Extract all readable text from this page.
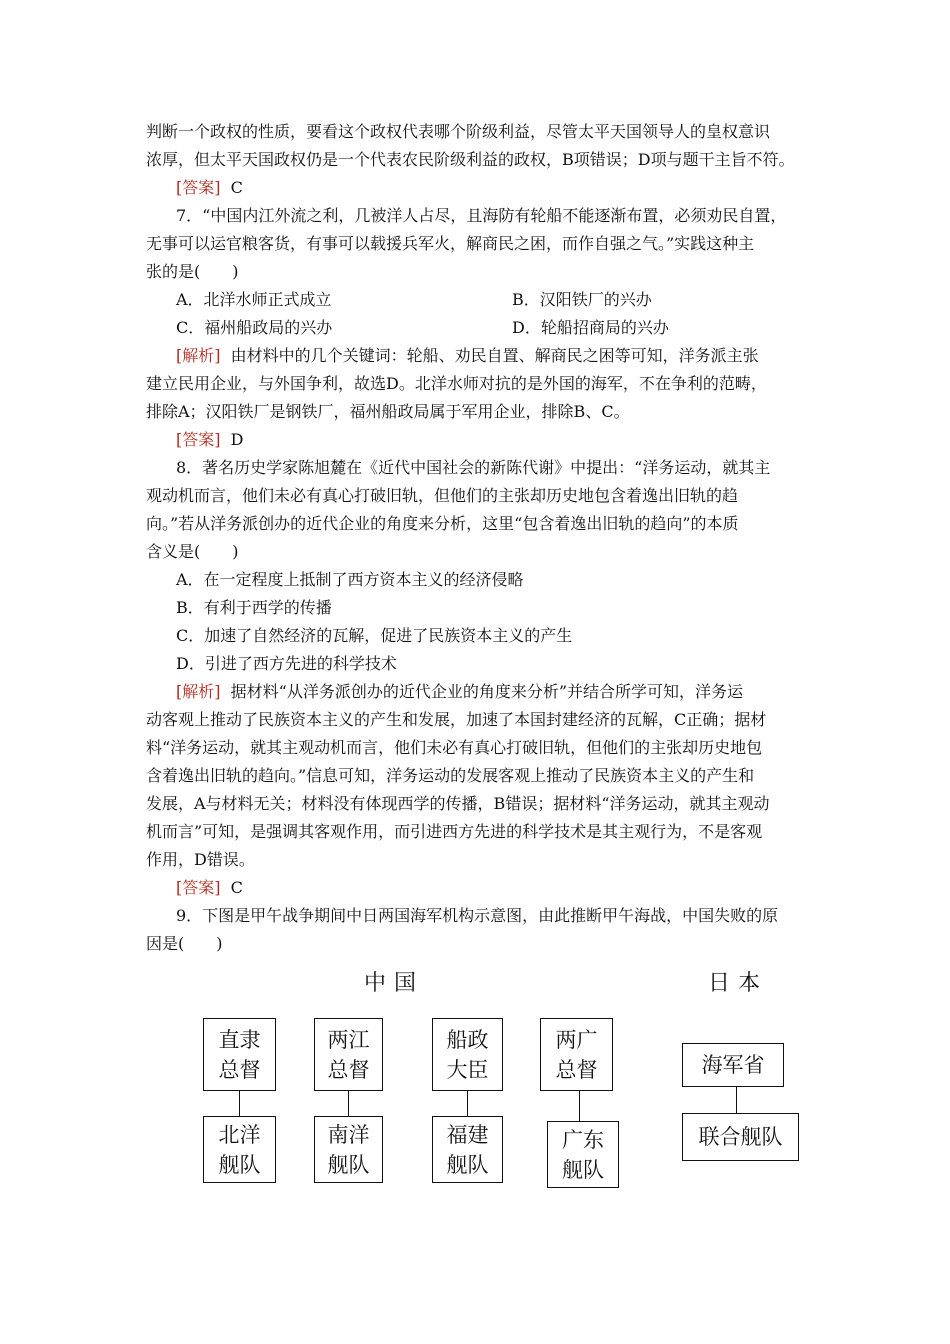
判断一个政权的性质，要看这个政权代表哪个阶级利益，尽管太平天国领导人的皇权意识
浓厚，但太平天国政权仍是一个代表农民阶级利益的政权，B项错误；D项与题干主旨不符。
[答案] C
7．“中国内江外流之利，几被洋人占尽，且海防有轮船不能逐渐布置，必须劝民自置，
无事可以运官粮客货，有事可以载援兵军火，解商民之困，而作自强之气。”实践这种主
张的是(　　)
A．北洋水师正式成立	B．汉阳铁厂的兴办
C．福州船政局的兴办	D．轮船招商局的兴办
[解析] 由材料中的几个关键词：轮船、劝民自置、解商民之困等可知，洋务派主张
建立民用企业，与外国争利，故选D。北洋水师对抗的是外国的海军，不在争利的范畴，
排除A；汉阳铁厂是钢铁厂，福州船政局属于军用企业，排除B、C。
[答案] D
8．著名历史学家陈旭麓在《近代中国社会的新陈代谢》中提出：“洋务运动，就其主
观动机而言，他们未必有真心打破旧轨，但他们的主张却历史地包含着逸出旧轨的趋
向。”若从洋务派创办的近代企业的角度来分析，这里“包含着逸出旧轨的趋向”的本质
含义是(　　)
A．在一定程度上抵制了西方资本主义的经济侵略
B．有利于西学的传播
C．加速了自然经济的瓦解，促进了民族资本主义的产生
D．引进了西方先进的科学技术
[解析] 据材料“从洋务派创办的近代企业的角度来分析”并结合所学可知，洋务运
动客观上推动了民族资本主义的产生和发展，加速了本国封建经济的瓦解，C正确；据材
料“洋务运动，就其主观动机而言，他们未必有真心打破旧轨，但他们的主张却历史地包
含着逸出旧轨的趋向。”信息可知，洋务运动的发展客观上推动了民族资本主义的产生和
发展，A与材料无关；材料没有体现西学的传播，B错误；据材料“洋务运动，就其主观动
机而言”可知，是强调其客观作用，而引进西方先进的科学技术是其主观行为，不是客观
作用，D错误。
[答案] C
9．下图是甲午战争期间中日两国海军机构示意图，由此推断甲午海战，中国失败的原
因是(　　)
中国	日本
直隶
总督
北洋
舰队
两江
总督
南洋
舰队
船政
大臣
福建
舰队
两广
总督
广东
舰队
海军省
联合舰队
